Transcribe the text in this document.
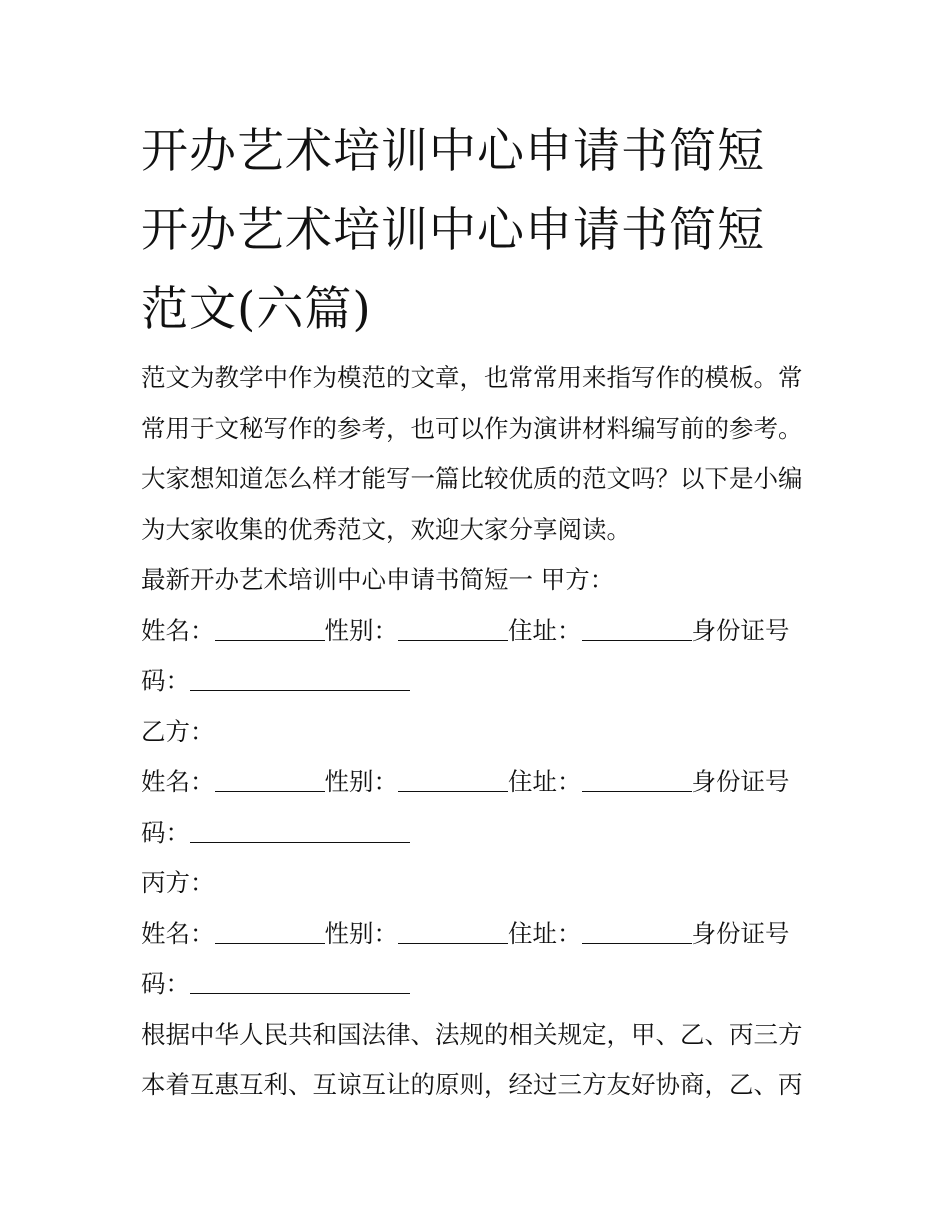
开办艺术培训中心申请书简短
开办艺术培训中心申请书简短
范文(六篇)
范文为教学中作为模范的文章，也常常用来指写作的模板。常
常用于文秘写作的参考，也可以作为演讲材料编写前的参考。
大家想知道怎么样才能写一篇比较优质的范文吗？以下是小编
为大家收集的优秀范文，欢迎大家分享阅读。
最新开办艺术培训中心申请书简短一 甲方：
姓名：	性别：	住址：	身份证号
码：
乙方：
姓名：	性别：	住址：	身份证号
码：
丙方：
姓名：	性别：	住址：	身份证号
码：
根据中华人民共和国法律、法规的相关规定，甲、乙、丙三方
本着互惠互利、互谅互让的原则，经过三方友好协商，乙、丙
